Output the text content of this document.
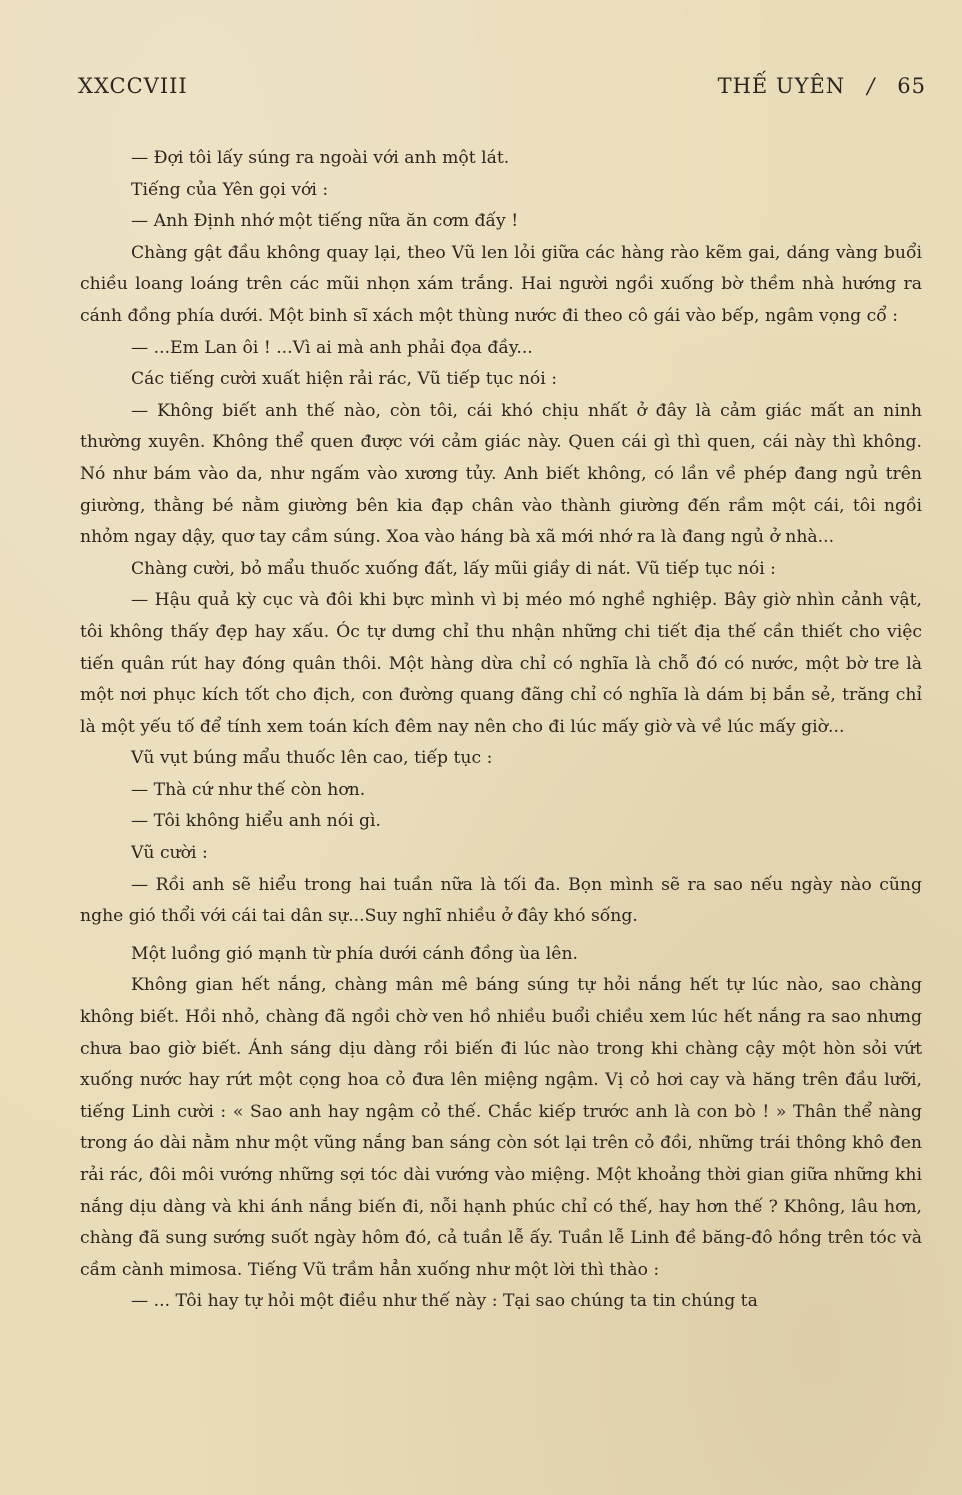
XXCCVIII	THẾ UYÊN / 65

— Đợi tôi lấy súng ra ngoài với anh một lát.

Tiếng của Yên gọi với :

— Anh Định nhớ một tiếng nữa ăn cơm đấy !

Chàng gật đầu không quay lại, theo Vũ len lỏi giữa các hàng rào kẽm gai, dáng vàng buổi chiều loang loáng trên các mũi nhọn xám trắng. Hai người ngồi xuống bờ thềm nhà hướng ra cánh đồng phía dưới. Một binh sĩ xách một thùng nước đi theo cô gái vào bếp, ngâm vọng cổ :

— ...Em Lan ôi ! ...Vì ai mà anh phải đọa đầy...

Các tiếng cười xuất hiện rải rác, Vũ tiếp tục nói :

— Không biết anh thế nào, còn tôi, cái khó chịu nhất ở đây là cảm giác mất an ninh thường xuyên. Không thể quen được với cảm giác này. Quen cái gì thì quen, cái này thì không. Nó như bám vào da, như ngấm vào xương tủy. Anh biết không, có lần về phép đang ngủ trên giường, thằng bé nằm giường bên kia đạp chân vào thành giường đến rầm một cái, tôi ngồi nhỏm ngay dậy, quơ tay cầm súng. Xoa vào háng bà xã mới nhớ ra là đang ngủ ở nhà...

Chàng cười, bỏ mẩu thuốc xuống đất, lấy mũi giầy di nát. Vũ tiếp tục nói :

— Hậu quả kỳ cục và đôi khi bực mình vì bị méo mó nghề nghiệp. Bây giờ nhìn cảnh vật, tôi không thấy đẹp hay xấu. Óc tự dưng chỉ thu nhận những chi tiết địa thế cần thiết cho việc tiến quân rút hay đóng quân thôi. Một hàng dừa chỉ có nghĩa là chỗ đó có nước, một bờ tre là một nơi phục kích tốt cho địch, con đường quang đãng chỉ có nghĩa là dám bị bắn sẻ, trăng chỉ là một yếu tố để tính xem toán kích đêm nay nên cho đi lúc mấy giờ và về lúc mấy giờ...

Vũ vụt búng mẩu thuốc lên cao, tiếp tục :

— Thà cứ như thế còn hơn.

— Tôi không hiểu anh nói gì.

Vũ cười :

— Rồi anh sẽ hiểu trong hai tuần nữa là tối đa. Bọn mình sẽ ra sao nếu ngày nào cũng nghe gió thổi với cái tai dân sự...Suy nghĩ nhiều ở đây khó sống.

Một luồng gió mạnh từ phía dưới cánh đồng ùa lên.

Không gian hết nắng, chàng mân mê báng súng tự hỏi nắng hết tự lúc nào, sao chàng không biết. Hồi nhỏ, chàng đã ngồi chờ ven hồ nhiều buổi chiều xem lúc hết nắng ra sao nhưng chưa bao giờ biết. Ánh sáng dịu dàng rồi biến đi lúc nào trong khi chàng cậy một hòn sỏi vứt xuống nước hay rứt một cọng hoa cỏ đưa lên miệng ngậm. Vị cỏ hơi cay và hăng trên đầu lưỡi, tiếng Linh cười : « Sao anh hay ngậm cỏ thế. Chắc kiếp trước anh là con bò ! » Thân thể nàng trong áo dài nằm như một vũng nắng ban sáng còn sót lại trên cỏ đồi, những trái thông khô đen rải rác, đôi môi vướng những sợi tóc dài vướng vào miệng. Một khoảng thời gian giữa những khi nắng dịu dàng và khi ánh nắng biến đi, nỗi hạnh phúc chỉ có thế, hay hơn thế ? Không, lâu hơn, chàng đã sung sướng suốt ngày hôm đó, cả tuần lễ ấy. Tuần lễ Linh đề băng-đô hồng trên tóc và cầm cành mimosa. Tiếng Vũ trầm hẳn xuống như một lời thì thào :

— ... Tôi hay tự hỏi một điều như thế này : Tại sao chúng ta tin chúng ta
